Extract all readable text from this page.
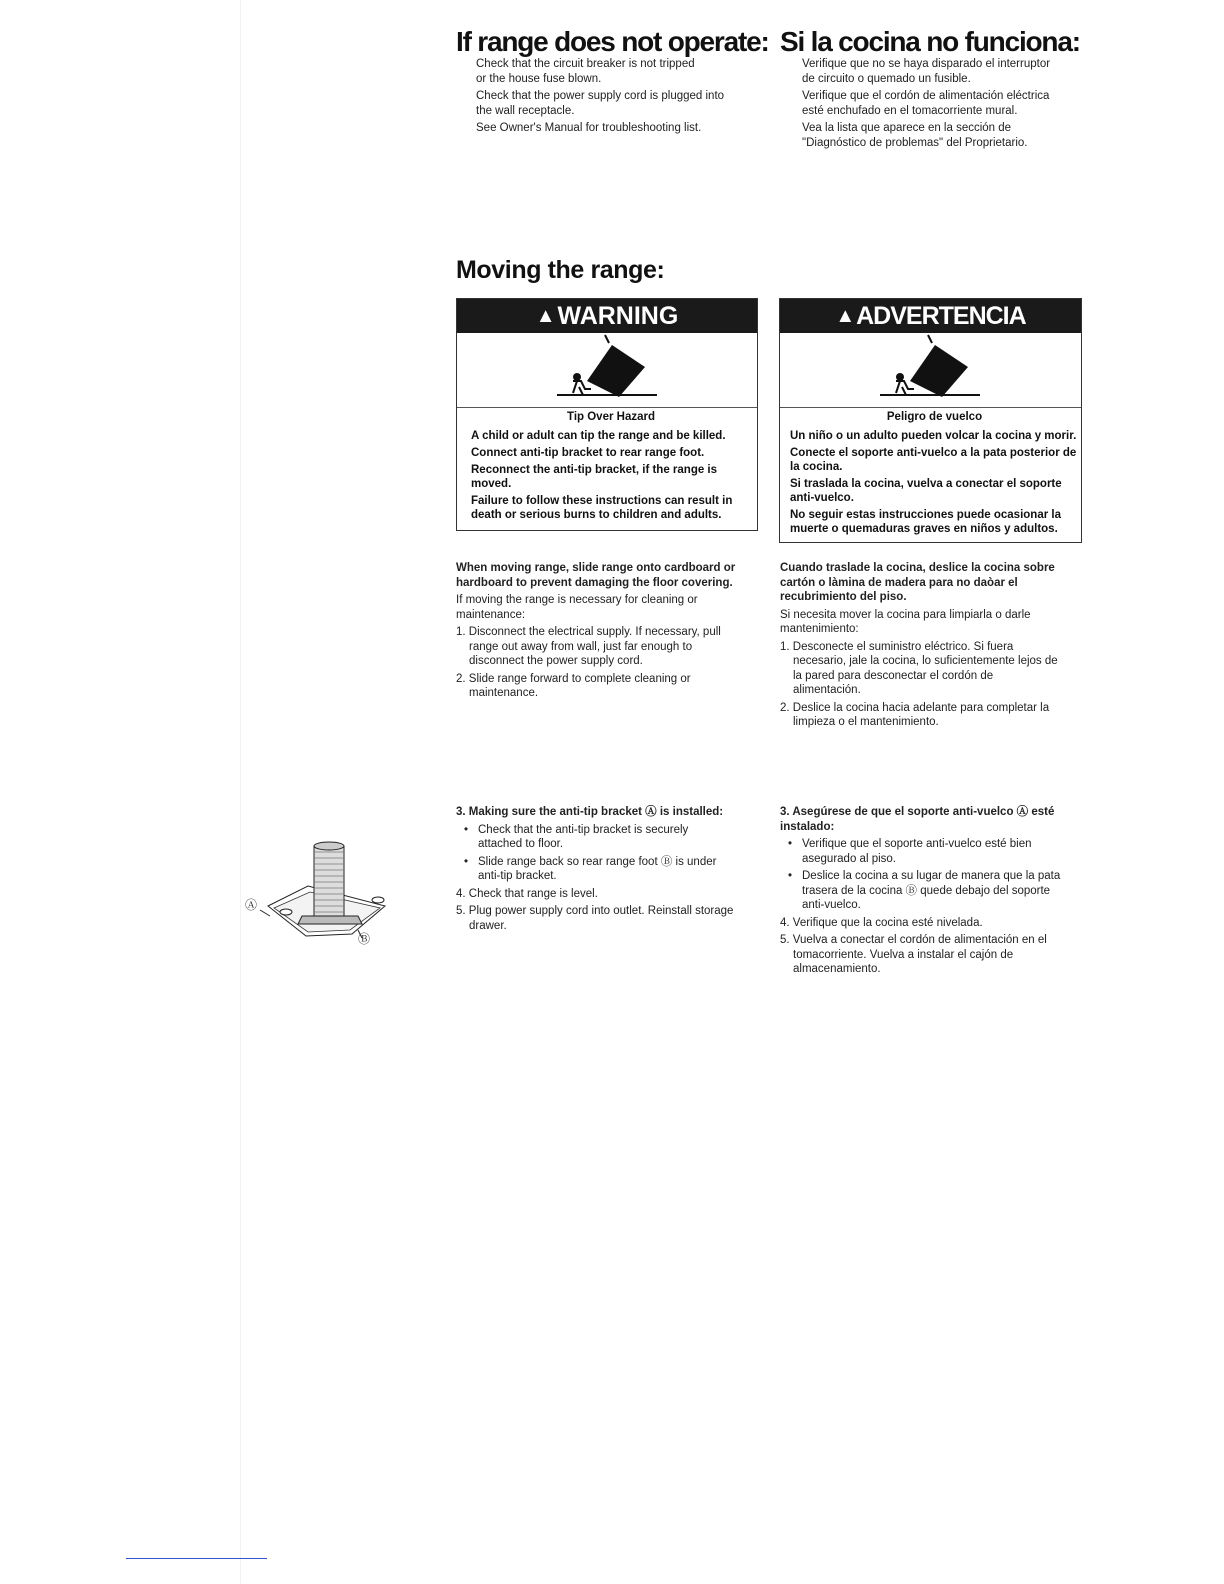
If range does not operate: Si la cocina no funciona:

Check that the circuit breaker is not tripped

or the house fuse blown.

Check that the power supply cord is plugged into

the wall receptacle.

See Owner's Manual for troubleshooting list.

Verifique que no se haya disparado el interruptor

de circuito o quemado un fusible.

Verifique que el cordón de alimentación eléctrica

esté enchufado en el tomacorriente mural.

Vea la lista que aparece en la sección de

"Diagnóstico de problemas" del Proprietario.

Moving the range:
▲WARNING

Tip Over Hazard

A child or adult can tip the range and be killed.

Connect anti-tip bracket to rear range foot.

Reconnect the anti-tip bracket, if the range is

moved.

Failure to follow these instructions can result in

death or serious burns to children and adults.

▲ADVERTENCIA

Peligro de vuelco

Un niño o un adulto pueden volcar la cocina y morir.

Conecte el soporte anti-vuelco a la pata posterior de

la cocina.

Si traslada la cocina, vuelva a conectar el soporte

anti-vuelco.

No seguir estas instrucciones puede ocasionar la

muerte o quemaduras graves en niños y adultos.

When moving range, slide range onto cardboard or

hardboard to prevent damaging the floor covering.

If moving the range is necessary for cleaning or

maintenance:

1. Disconnect the electrical supply. If necessary, pull

range out away from wall, just far enough to

disconnect the power supply cord.

2. Slide range forward to complete cleaning or

maintenance.

Cuando traslade la cocina, deslice la cocina sobre

cartón o làmina de madera para no daòar el

recubrimiento del piso.

Si necesita mover la cocina para limpiarla o darle

mantenimiento:

1. Desconecte el suministro eléctrico. Si fuera

necesario, jale la cocina, lo suficientemente lejos de

la pared para desconectar el cordón de

alimentación.

2. Deslice la cocina hacia adelante para completar la

limpieza o el mantenimiento.

Ⓐ
Ⓑ

3. Making sure the anti-tip bracket Ⓐ is installed:

• Check that the anti-tip bracket is securely

attached to floor.

• Slide range back so rear range foot Ⓑ is under

anti-tip bracket.

4. Check that range is level.

5. Plug power supply cord into outlet. Reinstall storage

drawer.

3. Asegúrese de que el soporte anti-vuelco Ⓐ esté

instalado:

• Verifique que el soporte anti-vuelco esté bien

asegurado al piso.

• Deslice la cocina a su lugar de manera que la pata

trasera de la cocina Ⓑ quede debajo del soporte

anti-vuelco.

4. Verifique que la cocina esté nivelada.

5. Vuelva a conectar el cordón de alimentación en el

tomacorriente. Vuelva a instalar el cajón de

almacenamiento.
